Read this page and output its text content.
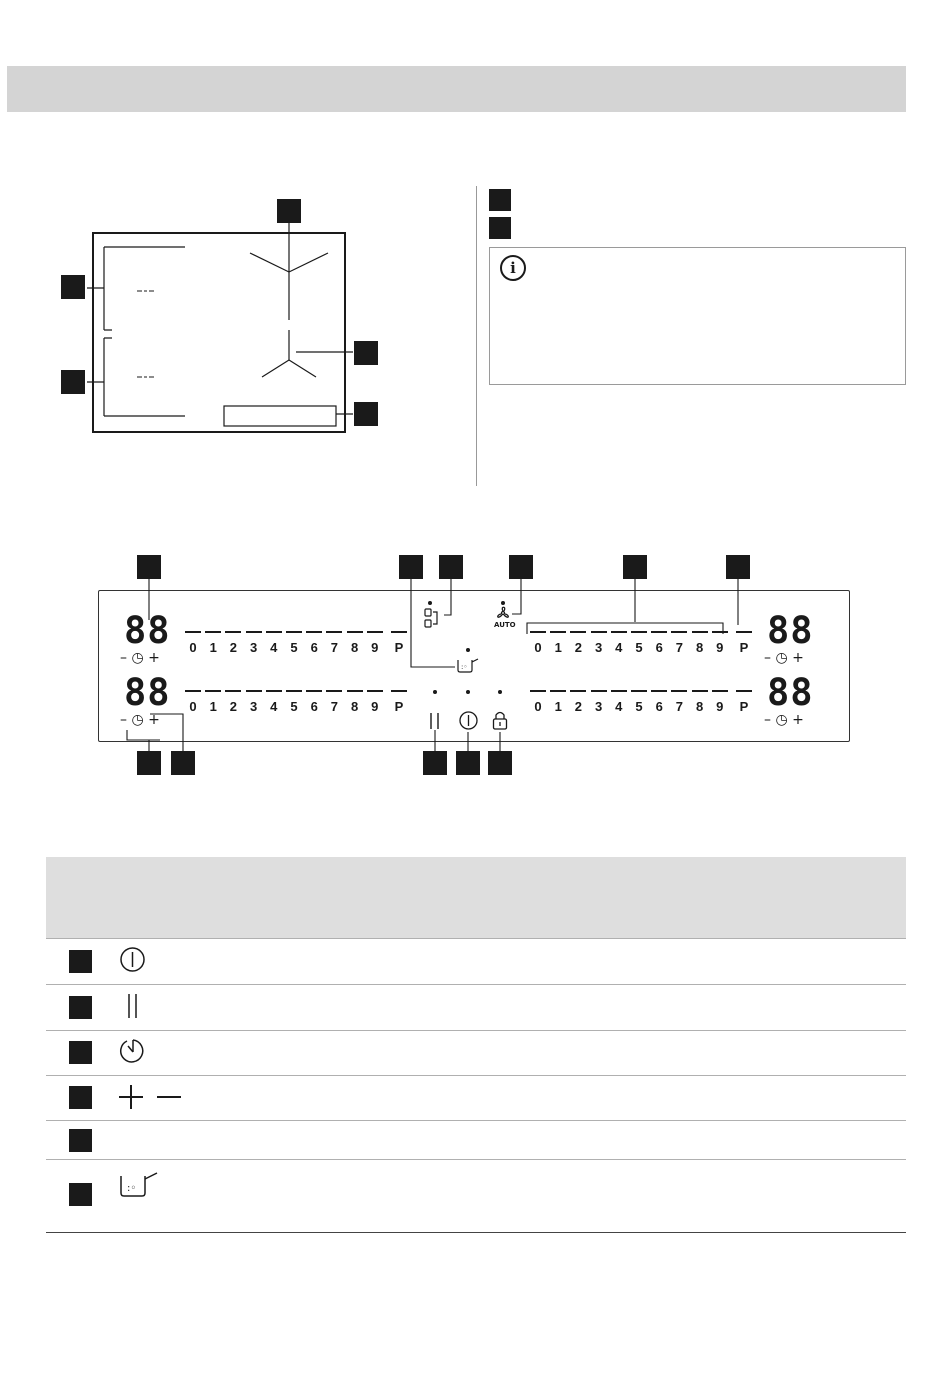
i
88
88
88
88
– ◷ +
– ◷ +
– ◷ +
– ◷ +
0 1 2 3 4 5 6 7 8 9	P
0 1 2 3 4 5 6 7 8 9	P
0 1 2 3 4 5 6 7 8 9	P
0 1 2 3 4 5 6 7 8 9	P
AUTO
:◦
:◦
